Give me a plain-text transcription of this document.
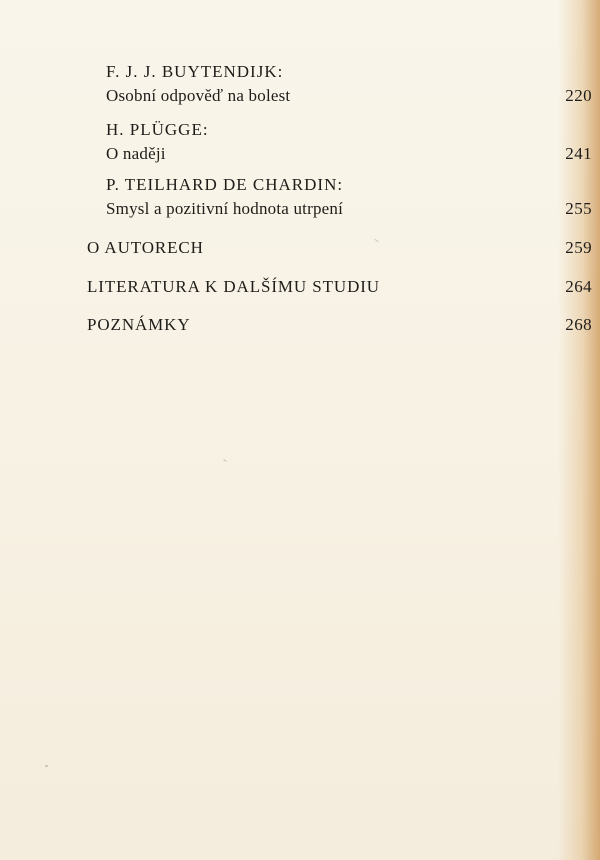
F. J. J. BUYTENDIJK:
Osobní odpověď na bolest	220
H. PLÜGGE:
O naději	241
P. TEILHARD DE CHARDIN:
Smysl a pozitivní hodnota utrpení	255
O AUTORECH	259
LITERATURA K DALŠÍMU STUDIU	264
POZNÁMKY	268
